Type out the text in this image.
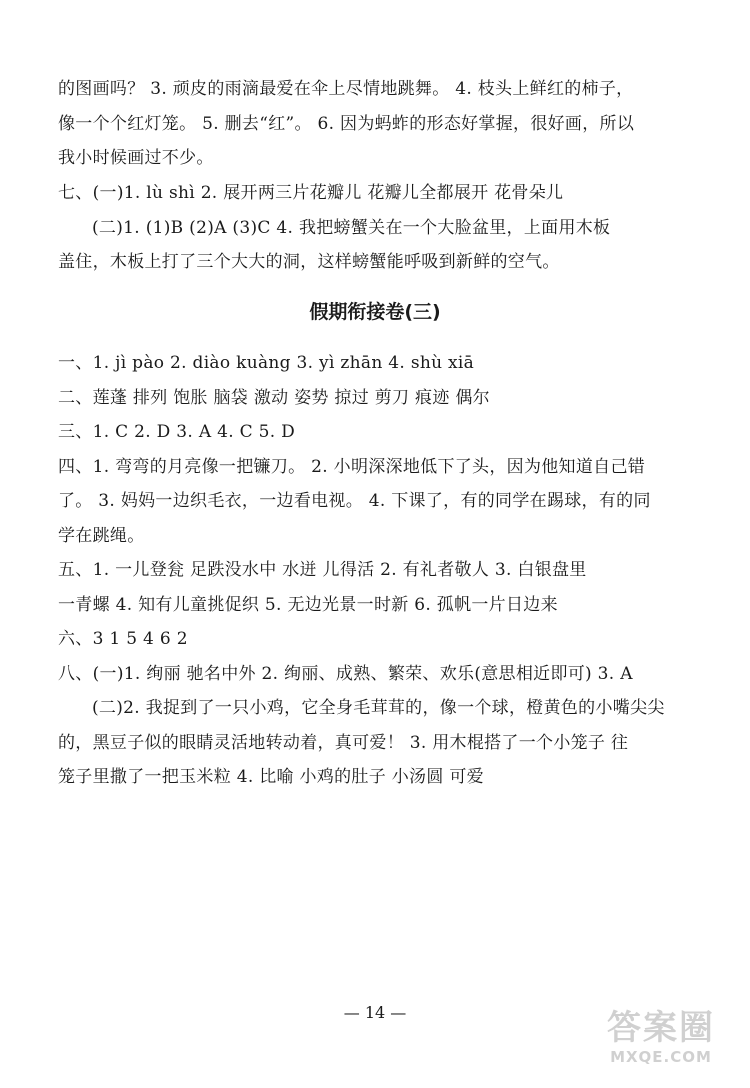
的图画吗？ 3. 顽皮的雨滴最爱在伞上尽情地跳舞。 4. 枝头上鲜红的柿子，
像一个个红灯笼。 5. 删去“红”。 6. 因为蚂蚱的形态好掌握，很好画，所以
我小时候画过不少。
七、(一)1. lù shì 2. 展开两三片花瓣儿 花瓣儿全都展开 花骨朵儿
(二)1. (1)B (2)A (3)C 4. 我把螃蟹关在一个大脸盆里，上面用木板
盖住，木板上打了三个大大的洞，这样螃蟹能呼吸到新鲜的空气。
假期衔接卷(三)
一、1. jì pào 2. diào kuàng 3. yì zhān 4. shù xiā
二、莲蓬 排列 饱胀 脑袋 激动 姿势 掠过 剪刀 痕迹 偶尔
三、1. C 2. D 3. A 4. C 5. D
四、1. 弯弯的月亮像一把镰刀。 2. 小明深深地低下了头，因为他知道自己错
了。 3. 妈妈一边织毛衣，一边看电视。 4. 下课了，有的同学在踢球，有的同
学在跳绳。
五、1. 一儿登瓮 足跌没水中 水迸 儿得活 2. 有礼者敬人 3. 白银盘里
一青螺 4. 知有儿童挑促织 5. 无边光景一时新 6. 孤帆一片日边来
六、3 1 5 4 6 2
八、(一)1. 绚丽 驰名中外 2. 绚丽、成熟、繁荣、欢乐(意思相近即可) 3. A
(二)2. 我捉到了一只小鸡，它全身毛茸茸的，像一个球，橙黄色的小嘴尖尖
的，黑豆子似的眼睛灵活地转动着，真可爱！ 3. 用木棍搭了一个小笼子 往
笼子里撒了一把玉米粒 4. 比喻 小鸡的肚子 小汤圆 可爱
— 14 —	答案圈
MXQE.COM
